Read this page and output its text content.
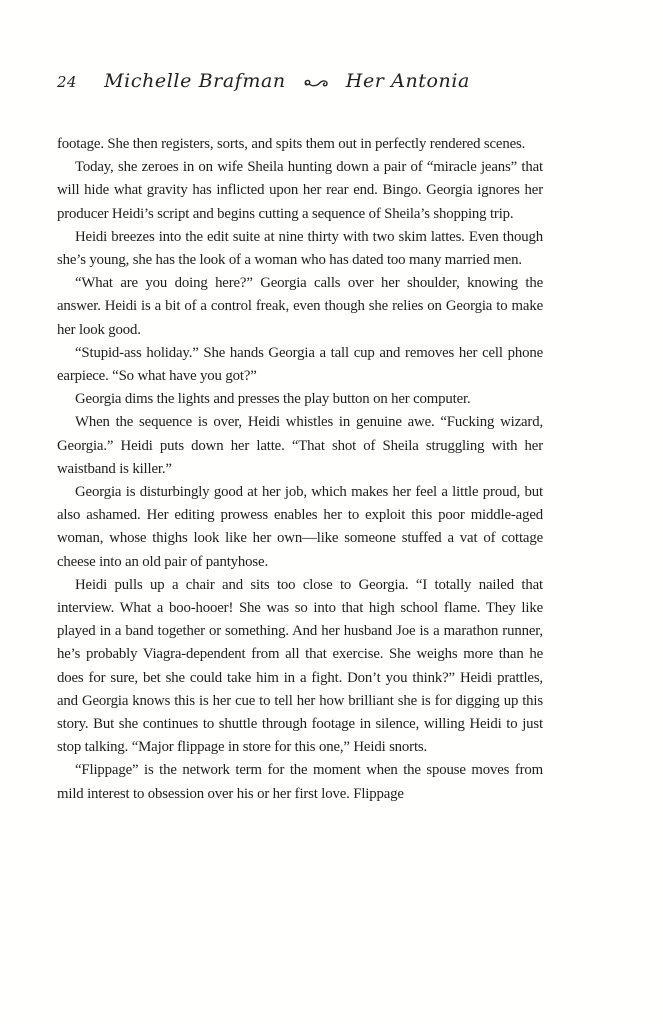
24 Michelle Brafman	Her Antonia

footage. She then registers, sorts, and spits them out in perfectly rendered scenes.

Today, she zeroes in on wife Sheila hunting down a pair of “miracle jeans” that will hide what gravity has inflicted upon her rear end. Bingo. Georgia ignores her producer Heidi’s script and begins cutting a sequence of Sheila’s shopping trip.

Heidi breezes into the edit suite at nine thirty with two skim lattes. Even though she’s young, she has the look of a woman who has dated too many married men.

“What are you doing here?” Georgia calls over her shoulder, knowing the answer. Heidi is a bit of a control freak, even though she relies on Georgia to make her look good.

“Stupid-ass holiday.” She hands Georgia a tall cup and removes her cell phone earpiece. “So what have you got?”

Georgia dims the lights and presses the play button on her computer.

When the sequence is over, Heidi whistles in genuine awe. “Fucking wizard, Georgia.” Heidi puts down her latte. “That shot of Sheila struggling with her waistband is killer.”

Georgia is disturbingly good at her job, which makes her feel a little proud, but also ashamed. Her editing prowess enables her to exploit this poor middle-aged woman, whose thighs look like her own—like someone stuffed a vat of cottage cheese into an old pair of pantyhose.

Heidi pulls up a chair and sits too close to Georgia. “I totally nailed that interview. What a boo-hooer! She was so into that high school flame. They like played in a band together or something. And her husband Joe is a marathon runner, he’s probably Viagra-dependent from all that exercise. She weighs more than he does for sure, bet she could take him in a fight. Don’t you think?” Heidi prattles, and Georgia knows this is her cue to tell her how brilliant she is for digging up this story. But she continues to shuttle through footage in silence, willing Heidi to just stop talking. “Major flippage in store for this one,” Heidi snorts.

“Flippage” is the network term for the moment when the spouse moves from mild interest to obsession over his or her first love. Flippage
